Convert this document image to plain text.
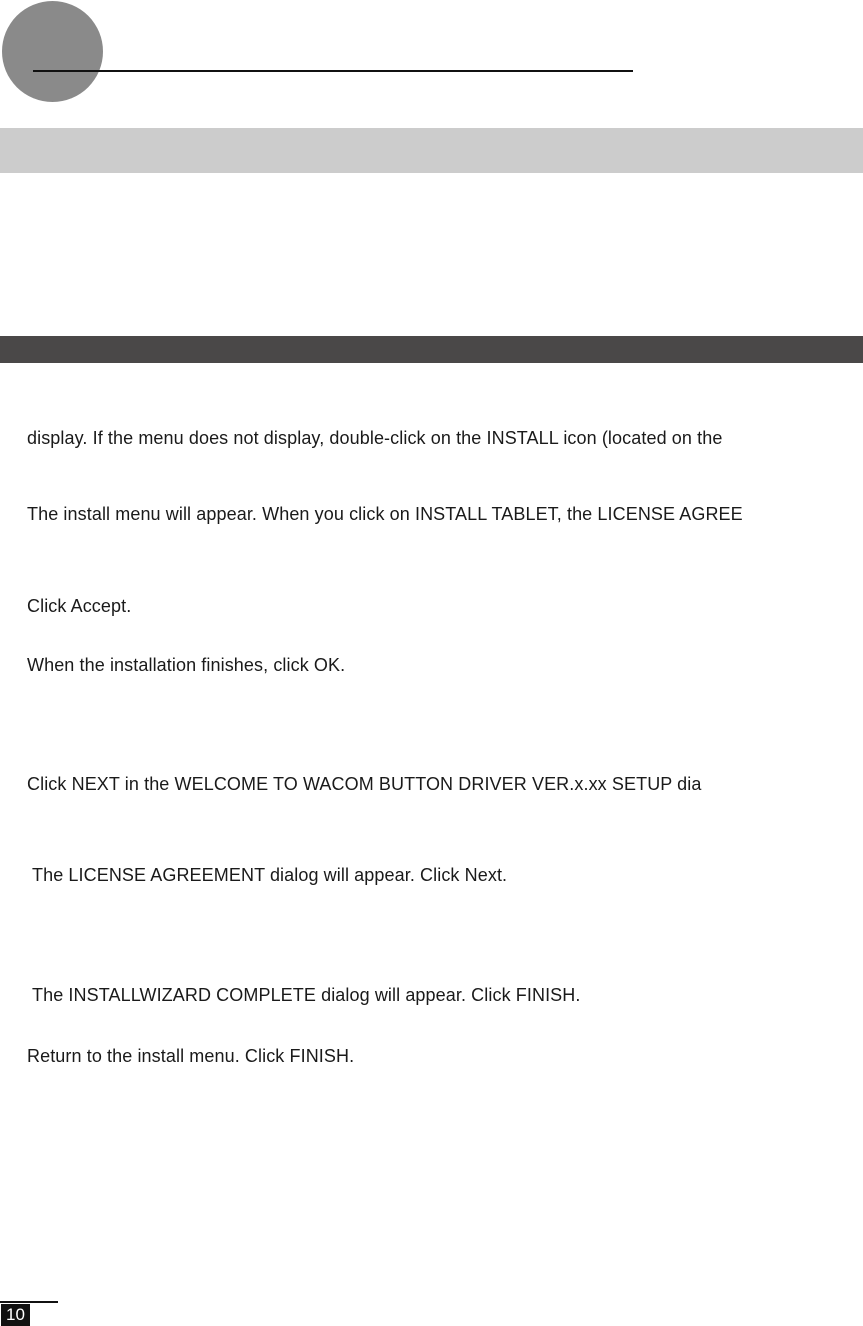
display. If the menu does not display, double-click on the INSTALL icon (located on the
The install menu will appear. When you click on INSTALL TABLET, the LICENSE AGREE
Click Accept.
When the installation finishes, click OK.
Click NEXT in the WELCOME TO WACOM BUTTON DRIVER VER.x.xx SETUP dia
The LICENSE AGREEMENT dialog will appear. Click Next.
The INSTALLWIZARD COMPLETE dialog will appear. Click FINISH.
Return to the install menu. Click FINISH.
10
